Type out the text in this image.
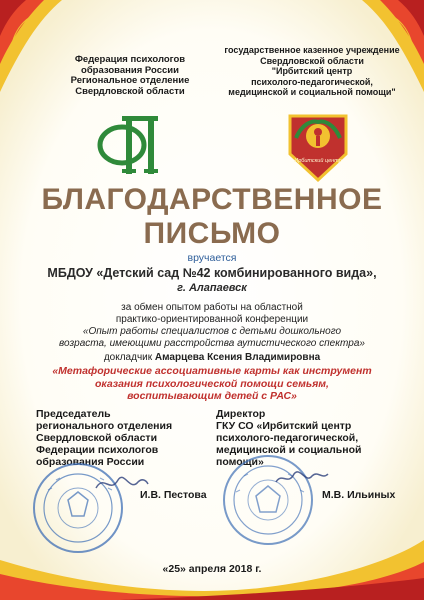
Федерация психологов
образования России
Региональное отделение
Свердловской области
государственное казенное учреждение
Свердловской области
"Ирбитский центр
психолого-педагогической,
медицинской и социальной помощи"
Ирбитский центр
БЛАГОДАРСТВЕННОЕ
ПИСЬМО
вручается
МБДОУ «Детский сад №42 комбинированного вида»,
г. Алапаевск
за обмен опытом работы на областной
практико-ориентированной конференции
«Опыт работы специалистов с детьми дошкольного
возраста, имеющими расстройства аутистического спектра»
докладчик Амарцева Ксения Владимировна
«Метафорические ассоциативные карты как инструмент
оказания психологической помощи семьям,
воспитывающим детей с РАС»
Председатель
регионального отделения
Свердловской области
Федерации психологов
образования России
Директор
ГКУ СО «Ирбитский центр
психолого-педагогической,
медицинской и социальной
помощи»
И.В. Пестова	М.В. Ильиных
«25» апреля 2018 г.
